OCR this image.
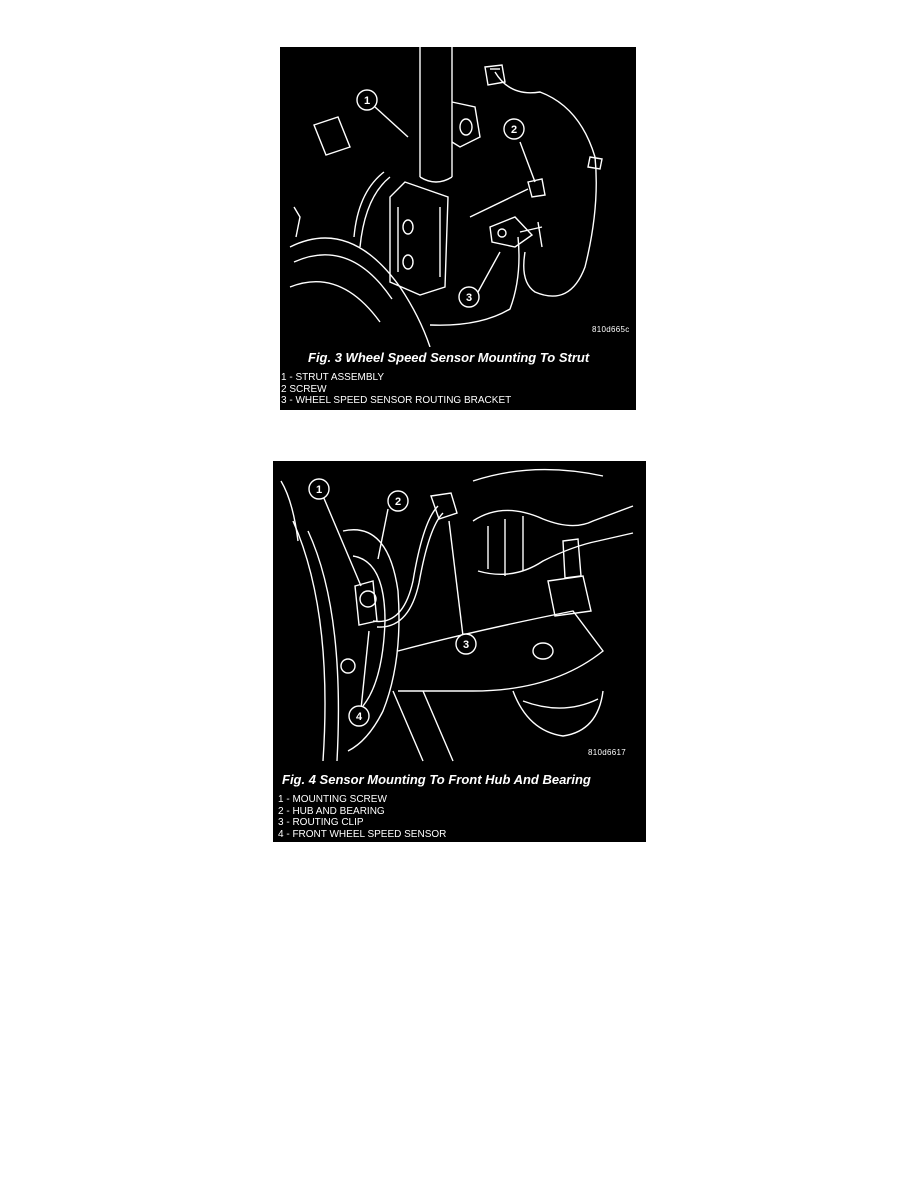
1
2
3
810d665c
Fig. 3 Wheel Speed Sensor Mounting To Strut
1 - STRUT ASSEMBLY
2 SCREW
3 - WHEEL SPEED SENSOR ROUTING BRACKET
1
2
3
4
810d6617
Fig. 4 Sensor Mounting To Front Hub And Bearing
1 - MOUNTING SCREW
2 - HUB AND BEARING
3 - ROUTING CLIP
4 - FRONT WHEEL SPEED SENSOR
